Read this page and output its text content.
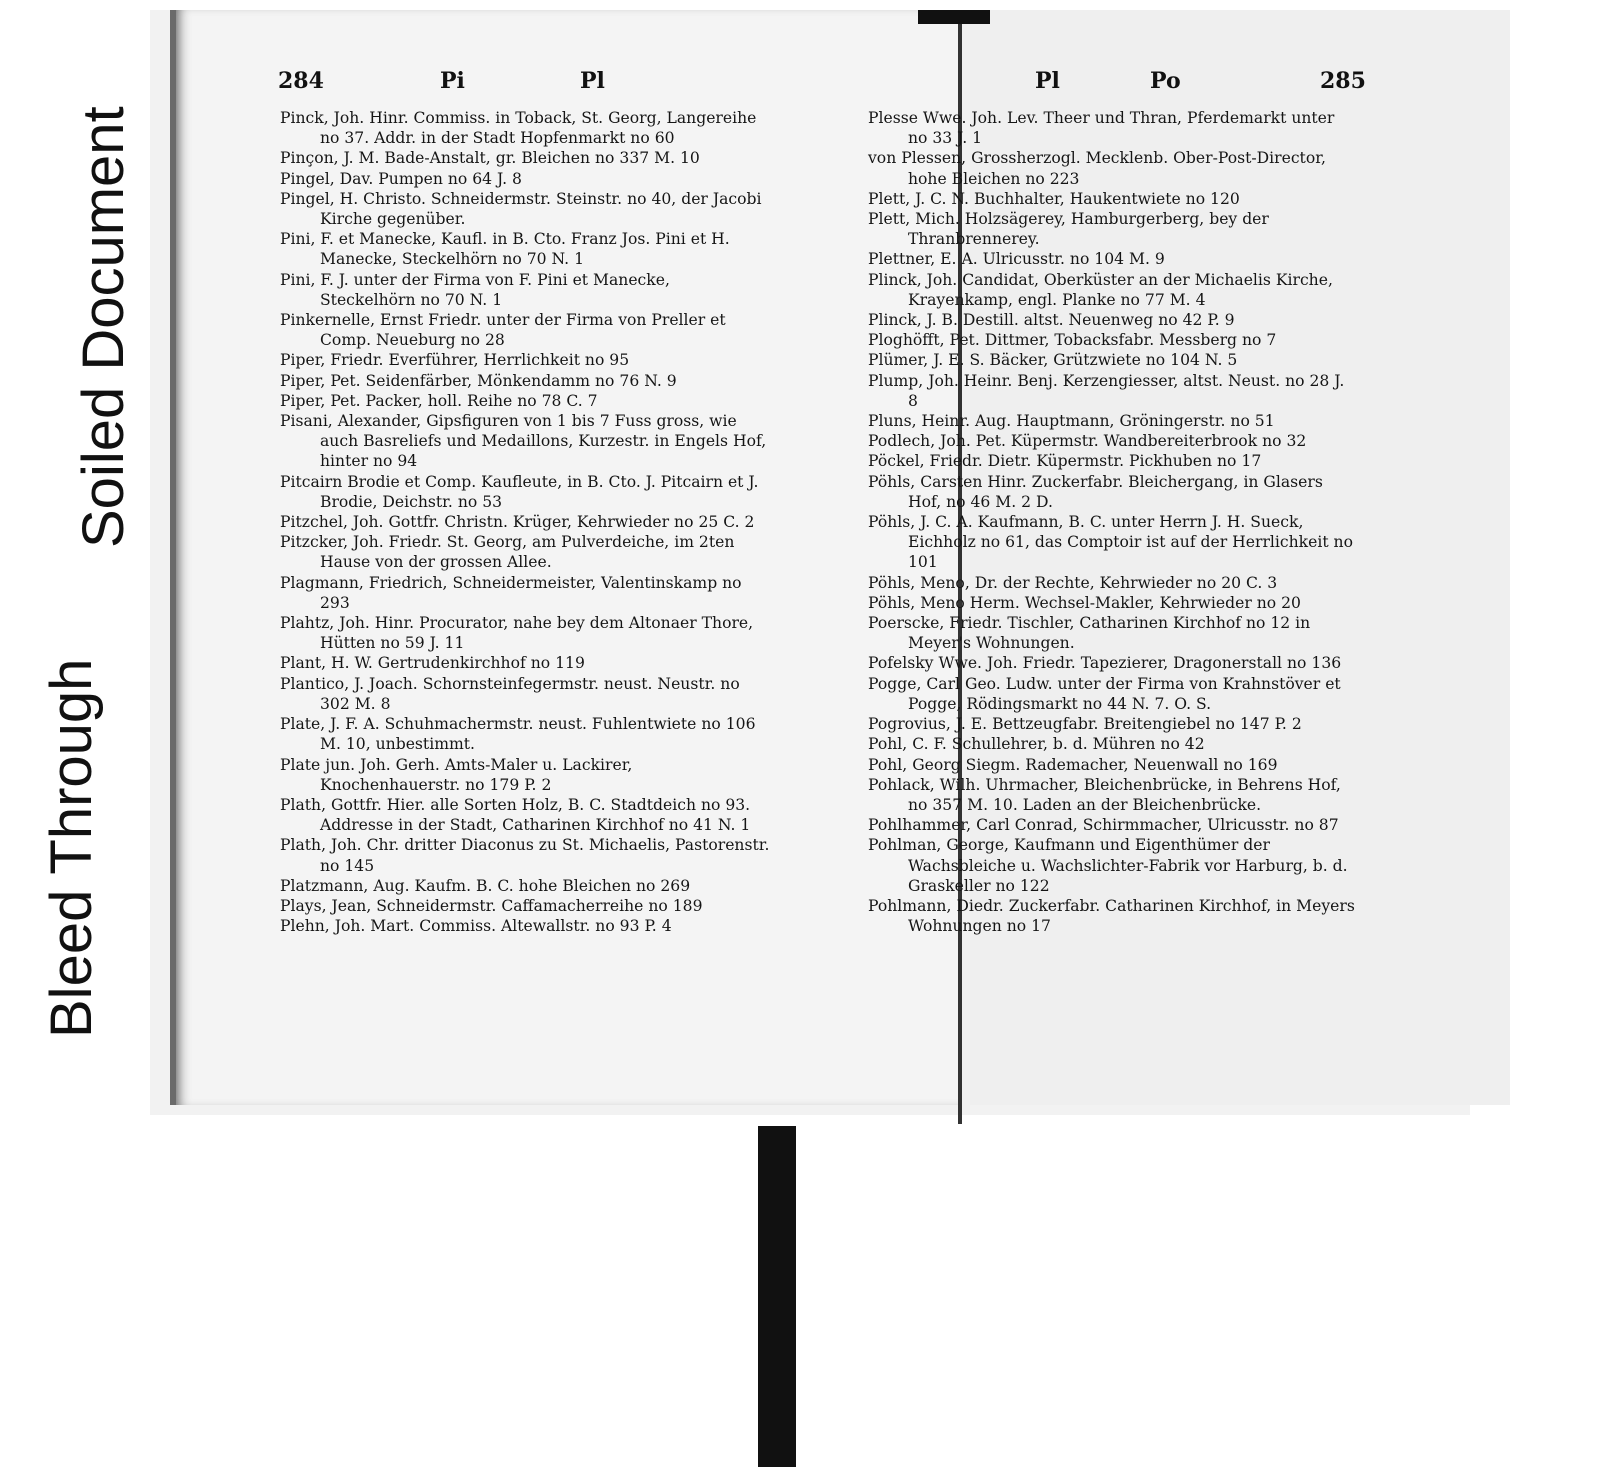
Bleed Through
Soiled Document
284	Pi	Pl	Pl	Po	285

Pinck, Joh. Hinr. Commiss. in Toback, St. Georg, Langereihe no 37. Addr. in der Stadt Hopfenmarkt no 60

Pinçon, J. M. Bade-Anstalt, gr. Bleichen no 337 M. 10

Pingel, Dav. Pumpen no 64 J. 8

Pingel, H. Christo. Schneidermstr. Steinstr. no 40, der Jacobi Kirche gegenüber.

Pini, F. et Manecke, Kaufl. in B. Cto. Franz Jos. Pini et H. Manecke, Steckelhörn no 70 N. 1

Pini, F. J. unter der Firma von F. Pini et Manecke, Steckelhörn no 70 N. 1

Pinkernelle, Ernst Friedr. unter der Firma von Preller et Comp. Neueburg no 28

Piper, Friedr. Everführer, Herrlichkeit no 95

Piper, Pet. Seidenfärber, Mönkendamm no 76 N. 9

Piper, Pet. Packer, holl. Reihe no 78 C. 7

Pisani, Alexander, Gipsfiguren von 1 bis 7 Fuss gross, wie auch Basreliefs und Medaillons, Kurzestr. in Engels Hof, hinter no 94

Pitcairn Brodie et Comp. Kaufleute, in B. Cto. J. Pitcairn et J. Brodie, Deichstr. no 53

Pitzchel, Joh. Gottfr. Christn. Krüger, Kehrwieder no 25 C. 2

Pitzcker, Joh. Friedr. St. Georg, am Pulverdeiche, im 2ten Hause von der grossen Allee.

Plagmann, Friedrich, Schneidermeister, Valentinskamp no 293

Plahtz, Joh. Hinr. Procurator, nahe bey dem Altonaer Thore, Hütten no 59 J. 11

Plant, H. W. Gertrudenkirchhof no 119

Plantico, J. Joach. Schornsteinfegermstr. neust. Neustr. no 302 M. 8

Plate, J. F. A. Schuhmachermstr. neust. Fuhlentwiete no 106 M. 10, unbestimmt.

Plate jun. Joh. Gerh. Amts-Maler u. Lackirer, Knochenhauerstr. no 179 P. 2

Plath, Gottfr. Hier. alle Sorten Holz, B. C. Stadtdeich no 93. Addresse in der Stadt, Catharinen Kirchhof no 41 N. 1

Plath, Joh. Chr. dritter Diaconus zu St. Michaelis, Pastorenstr. no 145

Platzmann, Aug. Kaufm. B. C. hohe Bleichen no 269

Plays, Jean, Schneidermstr. Caffamacherreihe no 189

Plehn, Joh. Mart. Commiss. Altewallstr. no 93 P. 4

Plesse Wwe. Joh. Lev. Theer und Thran, Pferdemarkt unter no 33 J. 1

von Plessen, Grossherzogl. Mecklenb. Ober-Post-Director, hohe Bleichen no 223

Plett, J. C. N. Buchhalter, Haukentwiete no 120

Plett, Mich. Holzsägerey, Hamburgerberg, bey der Thranbrennerey.

Plettner, E. A. Ulricusstr. no 104 M. 9

Plinck, Joh. Candidat, Oberküster an der Michaelis Kirche, Krayenkamp, engl. Planke no 77 M. 4

Plinck, J. B. Destill. altst. Neuenweg no 42 P. 9

Ploghöfft, Pet. Dittmer, Tobacksfabr. Messberg no 7

Plümer, J. E. S. Bäcker, Grützwiete no 104 N. 5

Plump, Joh. Heinr. Benj. Kerzengiesser, altst. Neust. no 28 J. 8

Pluns, Heinr. Aug. Hauptmann, Gröningerstr. no 51

Podlech, Joh. Pet. Küpermstr. Wandbereiterbrook no 32

Pöckel, Friedr. Dietr. Küpermstr. Pickhuben no 17

Pöhls, Carsten Hinr. Zuckerfabr. Bleichergang, in Glasers Hof, no 46 M. 2 D.

Pöhls, J. C. A. Kaufmann, B. C. unter Herrn J. H. Sueck, Eichholz no 61, das Comptoir ist auf der Herrlichkeit no 101

Pöhls, Meno, Dr. der Rechte, Kehrwieder no 20 C. 3

Pöhls, Meno Herm. Wechsel-Makler, Kehrwieder no 20

Poerscke, Friedr. Tischler, Catharinen Kirchhof no 12 in Meyer's Wohnungen.

Pofelsky Wwe. Joh. Friedr. Tapezierer, Dragonerstall no 136

Pogge, Carl Geo. Ludw. unter der Firma von Krahnstöver et Pogge, Rödingsmarkt no 44 N. 7. O. S.

Pogrovius, J. E. Bettzeugfabr. Breitengiebel no 147 P. 2

Pohl, C. F. Schullehrer, b. d. Mühren no 42

Pohl, Georg Siegm. Rademacher, Neuenwall no 169

Pohlack, Wilh. Uhrmacher, Bleichenbrücke, in Behrens Hof, no 357 M. 10. Laden an der Bleichenbrücke.

Pohlhammer, Carl Conrad, Schirmmacher, Ulricusstr. no 87

Pohlman, George, Kaufmann und Eigenthümer der Wachsbleiche u. Wachslichter-Fabrik vor Harburg, b. d. Graskeller no 122

Pohlmann, Diedr. Zuckerfabr. Catharinen Kirchhof, in Meyers Wohnungen no 17
